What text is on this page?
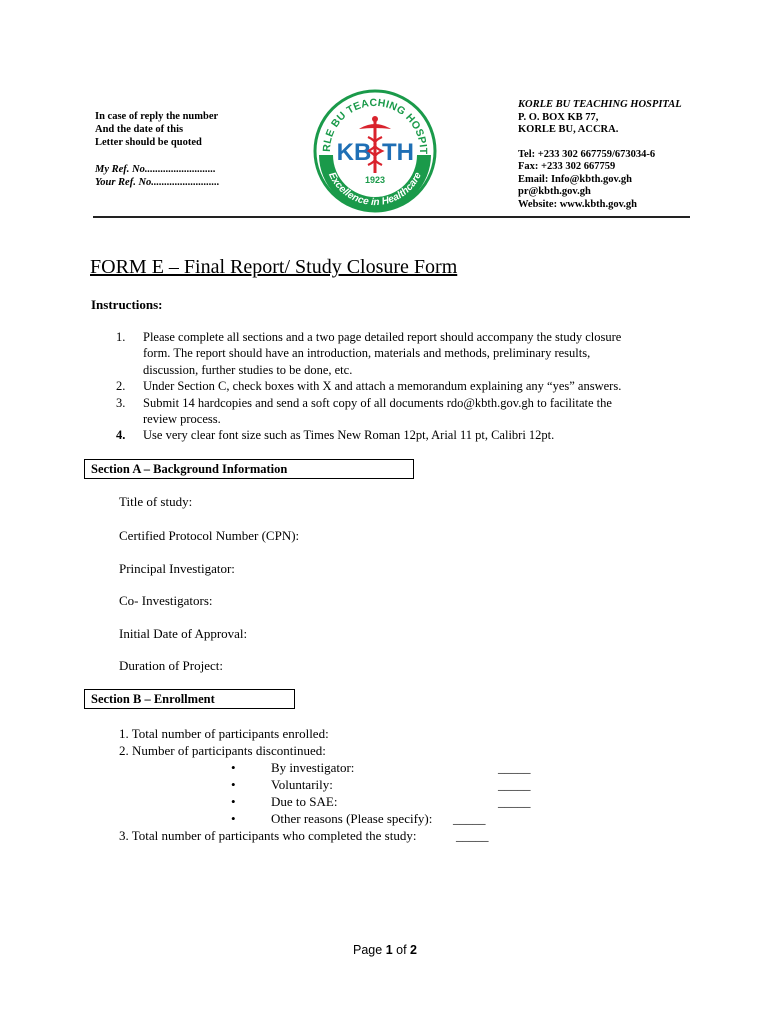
In case of reply the number
And the date of this
Letter should be quoted
My Ref. No...........................
Your Ref. No..........................
RLE BU TEACHING HOSPIT
Excellence in Healthcare
KB TH
1923
KORLE BU TEACHING HOSPITAL
P. O. BOX KB 77,
KORLE BU, ACCRA.
Tel: +233 302 667759/673034-6
Fax: +233 302 667759
Email: Info@kbth.gov.gh
pr@kbth.gov.gh
Website: www.kbth.gov.gh
FORM E – Final Report/ Study Closure Form
Instructions:
1.	Please complete all sections and a two page detailed report should accompany the study closure
form. The report should have an introduction, materials and methods, preliminary results,
discussion, further studies to be done, etc.
2.	Under Section C, check boxes with X and attach a memorandum explaining any “yes” answers.
3.	Submit 14 hardcopies and send a soft copy of all documents rdo@kbth.gov.gh to facilitate the
review process.
4.	Use very clear font size such as Times New Roman 12pt, Arial 11 pt, Calibri 12pt.
Section A – Background Information
Title of study:
Certified Protocol Number (CPN):
Principal Investigator:
Co- Investigators:
Initial Date of Approval:
Duration of Project:
Section B – Enrollment
1. Total number of participants enrolled:
2. Number of participants discontinued:
•	By investigator:	_____
•	Voluntarily:	_____
•	Due to SAE:	_____
•	Other reasons (Please specify): _____
3. Total number of participants who completed the study:	_____
Page 1 of 2
